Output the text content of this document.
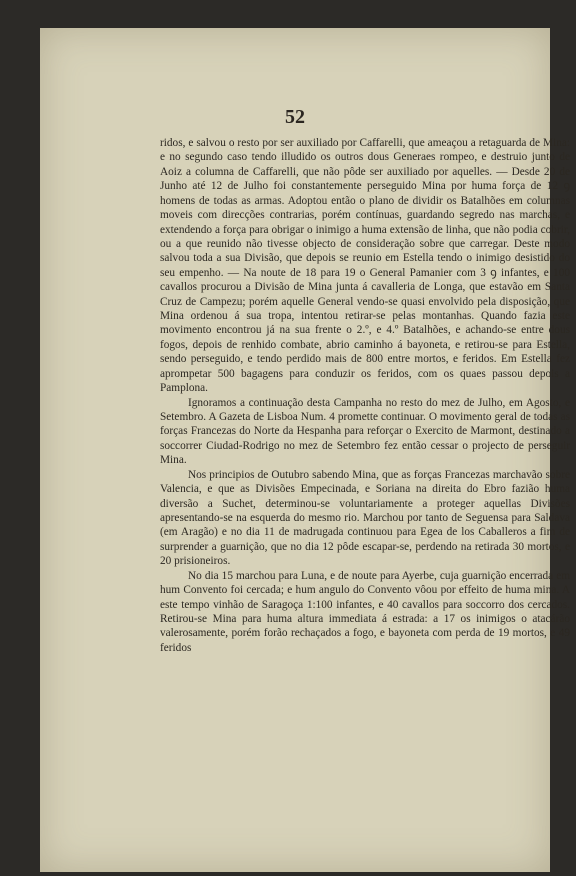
52

ridos, e salvou o resto por ser auxiliado por Caffarelli, que ameaçou a retaguarda de Mina: e no segundo caso tendo illudido os outros dous Generaes rompeo, e destruio junto de Aoiz a columna de Caffarelli, que não pôde ser auxiliado por aquelles. — Desde 20 de Junho até 12 de Julho foi constantemente perseguido Mina por huma força de 12 ꝯ homens de todas as armas. Adoptou então o plano de dividir os Batalhões em columnas moveis com direcções contrarias, porém contínuas, guardando segredo nas marchas, e extendendo a força para obrigar o inimigo a huma extensão de linha, que não podia cobrir, ou a que reunido não tivesse objecto de consideração sobre que carregar. Deste modo salvou toda a sua Divisão, que depois se reunio em Estella tendo o inimigo desistido do seu empenho. — Na noute de 18 para 19 o General Pamanier com 3 ꝯ infantes, e 100 cavallos procurou a Divisão de Mina junta á cavalleria de Longa, que estavão em Santa Cruz de Campezu; porém aquelle General vendo-se quasi envolvido pela disposição, que Mina ordenou á sua tropa, intentou retirar-se pelas montanhas. Quando fazia este movimento encontrou já na sua frente o 2.º, e 4.º Batalhões, e achando-se entre dous fogos, depois de renhido combate, abrio caminho á bayoneta, e retirou-se para Estella, sendo perseguido, e tendo perdido mais de 800 entre mortos, e feridos. Em Estella fez aprompetar 500 bagagens para conduzir os feridos, com os quaes passou depois a Pamplona.

Ignoramos a continuação desta Campanha no resto do mez de Julho, em Agosto, e Setembro. A Gazeta de Lisboa Num. 4 promette continuar. O movimento geral de todas as forças Francezas do Norte da Hespanha para reforçar o Exercito de Marmont, destinado a soccorrer Ciudad-Rodrigo no mez de Setembro fez então cessar o projecto de perseguir Mina.

Nos principios de Outubro sabendo Mina, que as forças Francezas marchavão sobre Valencia, e que as Divisões Empecinada, e Soriana na direita do Ebro fazião huma diversão a Suchet, determinou-se voluntariamente a proteger aquellas Divisões apresentando-se na esquerda do mesmo rio. Marchou por tanto de Seguensa para Saldava (em Aragão) e no dia 11 de madrugada continuou para Egea de los Caballeros a fim de surprender a guarnição, que no dia 12 pôde escapar-se, perdendo na retirada 30 mortos, e 20 prisioneiros.

No dia 15 marchou para Luna, e de noute para Ayerbe, cuja guarnição encerrada em hum Convento foi cercada; e hum angulo do Convento vôou por effeito de huma mina. A este tempo vinhão de Saragoça 1:100 infantes, e 40 cavallos para soccorro dos cercados. Retirou-se Mina para huma altura immediata á estrada: a 17 os inimigos o atacárão valerosamente, porém forão rechaçados a fogo, e bayoneta com perda de 19 mortos, e 49 feridos
